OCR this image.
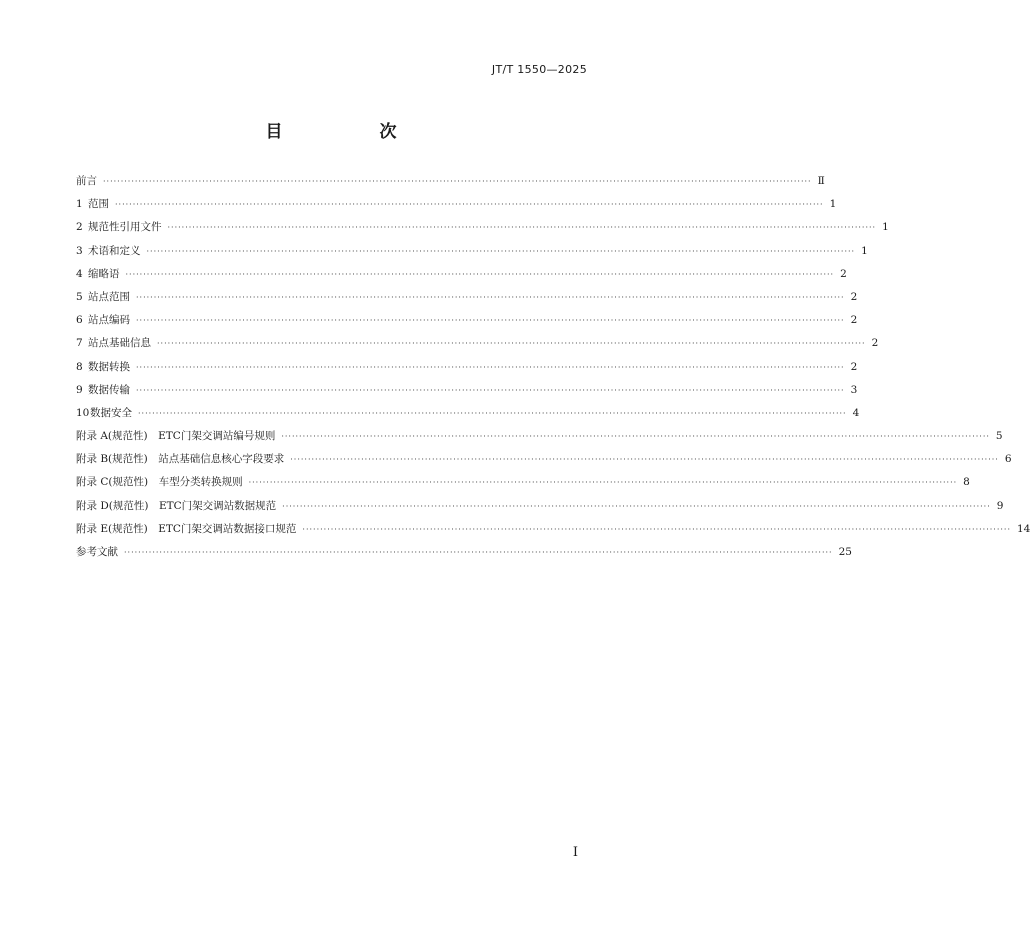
JT/T 1550—2025
目　次
前言 ········································································································································································································ Ⅱ
1 范围 ········································································································································································································ 1
2 规范性引用文件 ········································································································································································································ 1
3 术语和定义 ········································································································································································································ 1
4 缩略语 ········································································································································································································ 2
5 站点范围 ········································································································································································································ 2
6 站点编码 ········································································································································································································ 2
7 站点基础信息 ········································································································································································································ 2
8 数据转换 ········································································································································································································ 2
9 数据传输 ········································································································································································································ 3
10 数据安全 ········································································································································································································ 4
附录 A(规范性)　ETC门架交调站编号规则 ········································································································································································································ 5
附录 B(规范性)　站点基础信息核心字段要求 ········································································································································································································ 6
附录 C(规范性)　车型分类转换规则 ········································································································································································································ 8
附录 D(规范性)　ETC门架交调站数据规范 ········································································································································································································ 9
附录 E(规范性)　ETC门架交调站数据接口规范 ········································································································································································································ 14
参考文献 ········································································································································································································ 25
I
